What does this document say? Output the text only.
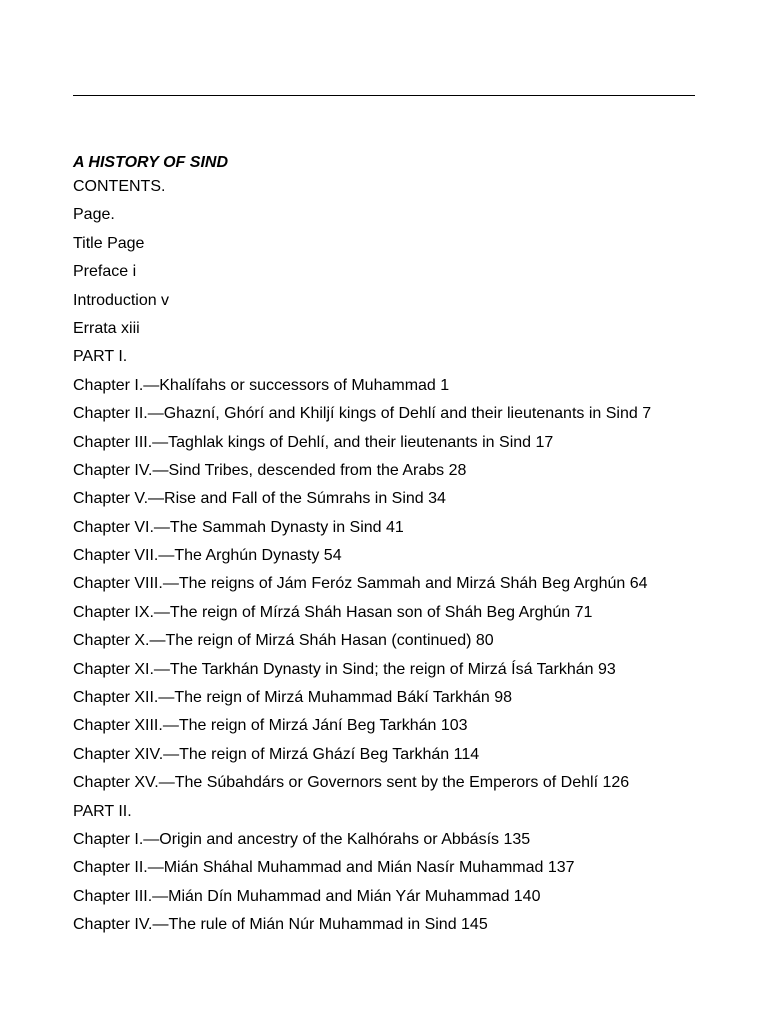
A HISTORY OF SIND

CONTENTS.

Page.

Title Page

Preface i

Introduction v

Errata xiii

PART I.

Chapter I.—Khalífahs or successors of Muhammad 1

Chapter II.—Ghazní, Ghórí and Khiljí kings of Dehlí and their lieutenants in Sind 7

Chapter III.—Taghlak kings of Dehlí, and their lieutenants in Sind 17

Chapter IV.—Sind Tribes, descended from the Arabs 28

Chapter V.—Rise and Fall of the Súmrahs in Sind 34

Chapter VI.—The Sammah Dynasty in Sind 41

Chapter VII.—The Arghún Dynasty 54

Chapter VIII.—The reigns of Jám Feróz Sammah and Mirzá Sháh Beg Arghún 64

Chapter IX.—The reign of Mírzá Sháh Hasan son of Sháh Beg Arghún 71

Chapter X.—The reign of Mirzá Sháh Hasan (continued) 80

Chapter XI.—The Tarkhán Dynasty in Sind; the reign of Mirzá Ísá Tarkhán 93

Chapter XII.—The reign of Mirzá Muhammad Bákí Tarkhán 98

Chapter XIII.—The reign of Mirzá Jání Beg Tarkhán 103

Chapter XIV.—The reign of Mirzá Ghází Beg Tarkhán 114

Chapter XV.—The Súbahdárs or Governors sent by the Emperors of Dehlí 126

PART II.

Chapter I.—Origin and ancestry of the Kalhórahs or Abbásís 135

Chapter II.—Mián Sháhal Muhammad and Mián Nasír Muhammad 137

Chapter III.—Mián Dín Muhammad and Mián Yár Muhammad 140

Chapter IV.—The rule of Mián Núr Muhammad in Sind 145
